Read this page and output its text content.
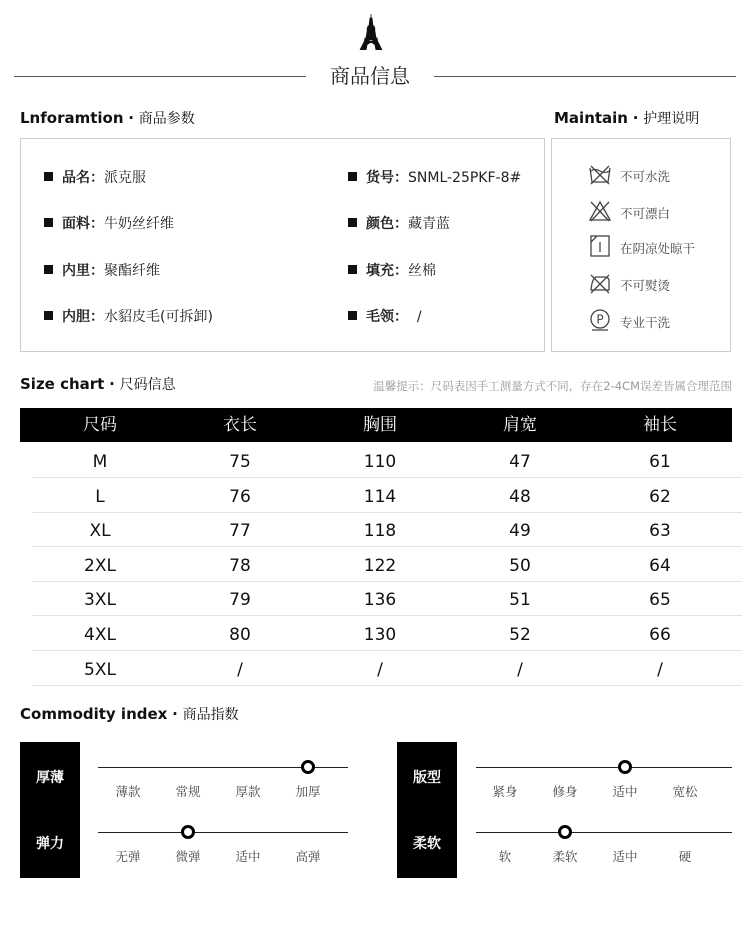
商品信息
Lnforamtion · 商品参数	Maintain · 护理说明
品名：派克服	货号：SNML-25PKF-8#
面料：牛奶丝纤维	颜色：藏青蓝
内里：聚酯纤维	填充：丝棉
内胆：水貂皮毛(可拆卸)	毛领：  /
不可水洗
不可漂白
在阴凉处晾干
不可熨烫
P 专业干洗
Size chart · 尺码信息	温馨提示：尺码表因手工测量方式不同，存在2-4CM误差皆属合理范围
尺码	衣长	胸围	肩宽	袖长
M	75	110	47	61
L	76	114	48	62
XL	77	118	49	63
2XL	78	122	50	64
3XL	79	136	51	65
4XL	80	130	52	66
5XL	/	/	/	/
Commodity index · 商品指数
厚薄
薄款	常规	厚款	加厚
弹力
无弹	微弹	适中	高弹
版型
紧身	修身	适中	宽松
柔软
软	柔软	适中	硬
